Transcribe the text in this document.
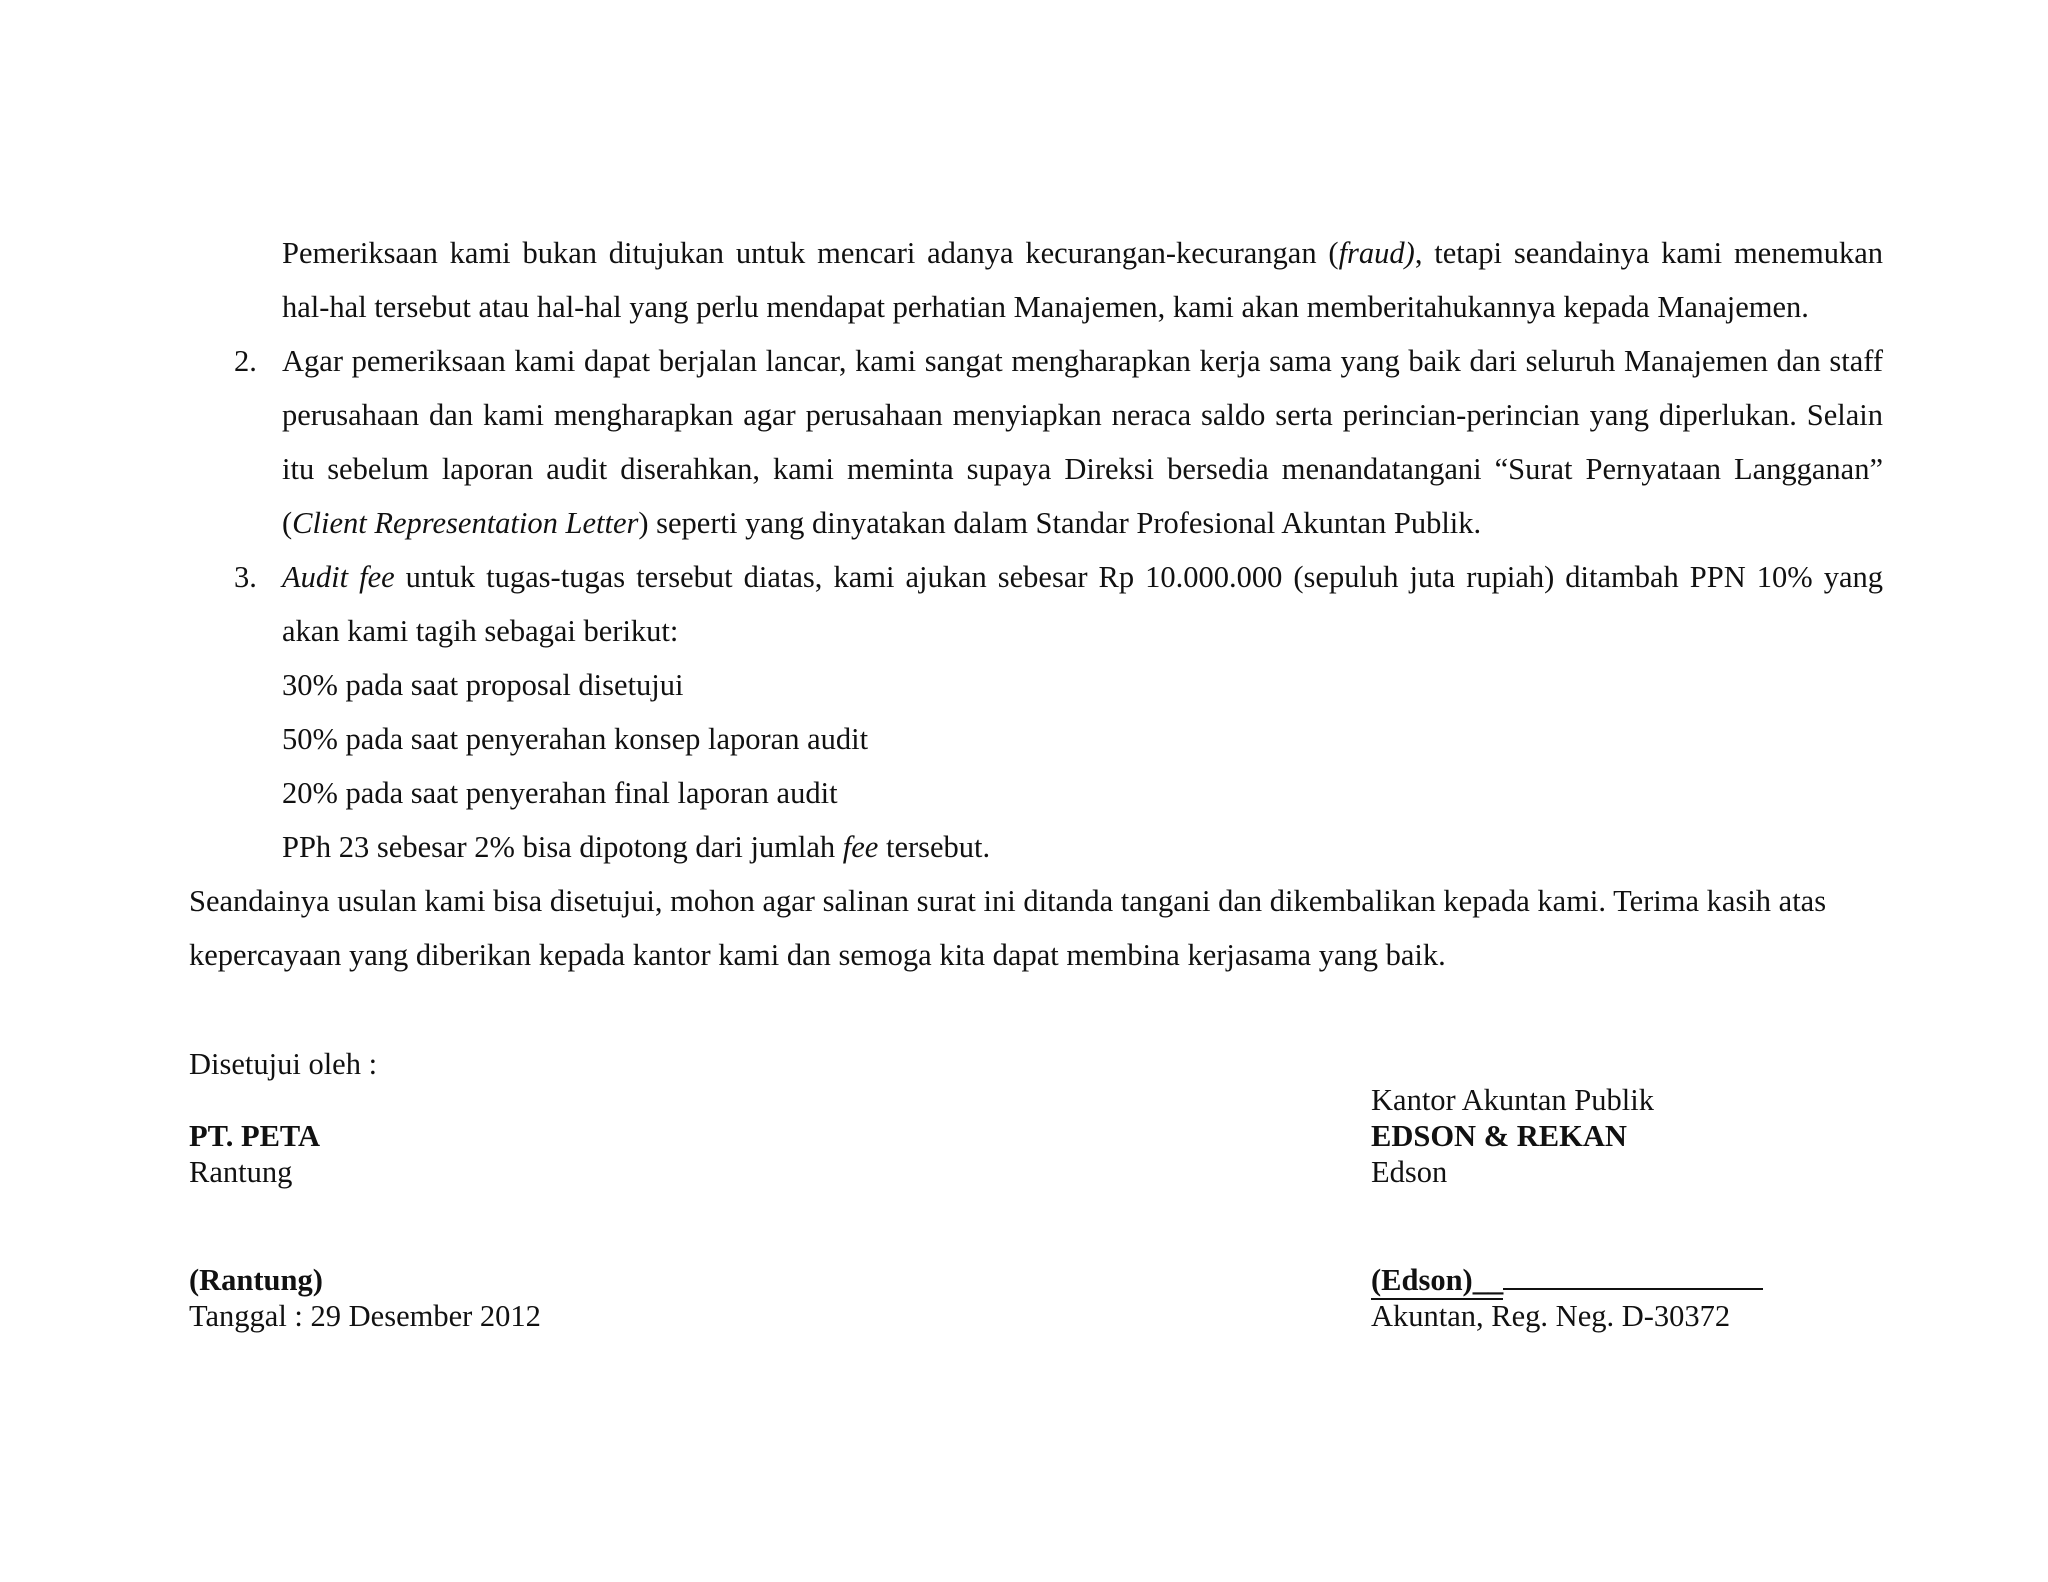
Pemeriksaan kami bukan ditujukan untuk mencari adanya kecurangan-kecurangan (fraud), tetapi seandainya kami menemukan hal-hal tersebut atau hal-hal yang perlu mendapat perhatian Manajemen, kami akan memberitahukannya kepada Manajemen.

2. Agar pemeriksaan kami dapat berjalan lancar, kami sangat mengharapkan kerja sama yang baik dari seluruh Manajemen dan staff perusahaan dan kami mengharapkan agar perusahaan menyiapkan neraca saldo serta perincian-perincian yang diperlukan. Selain itu sebelum laporan audit diserahkan, kami meminta supaya Direksi bersedia menandatangani “Surat Pernyataan Langganan” (Client Representation Letter) seperti yang dinyatakan dalam Standar Profesional Akuntan Publik.
3. Audit fee untuk tugas-tugas tersebut diatas, kami ajukan sebesar Rp 10.000.000 (sepuluh juta rupiah) ditambah PPN 10% yang akan kami tagih sebagai berikut:
30% pada saat proposal disetujui
50% pada saat penyerahan konsep laporan audit
20% pada saat penyerahan final laporan audit
PPh 23 sebesar 2% bisa dipotong dari jumlah fee tersebut.
Seandainya usulan kami bisa disetujui, mohon agar salinan surat ini ditanda tangani dan dikembalikan kepada kami. Terima kasih atas kepercayaan yang diberikan kepada kantor kami dan semoga kita dapat membina kerjasama yang baik.
Disetujui oleh :
PT. PETA
Rantung
(Rantung)
Tanggal : 29 Desember 2012
Kantor Akuntan Publik
EDSON & REKAN
Edson
(Edson)__
Akuntan, Reg. Neg. D-30372
